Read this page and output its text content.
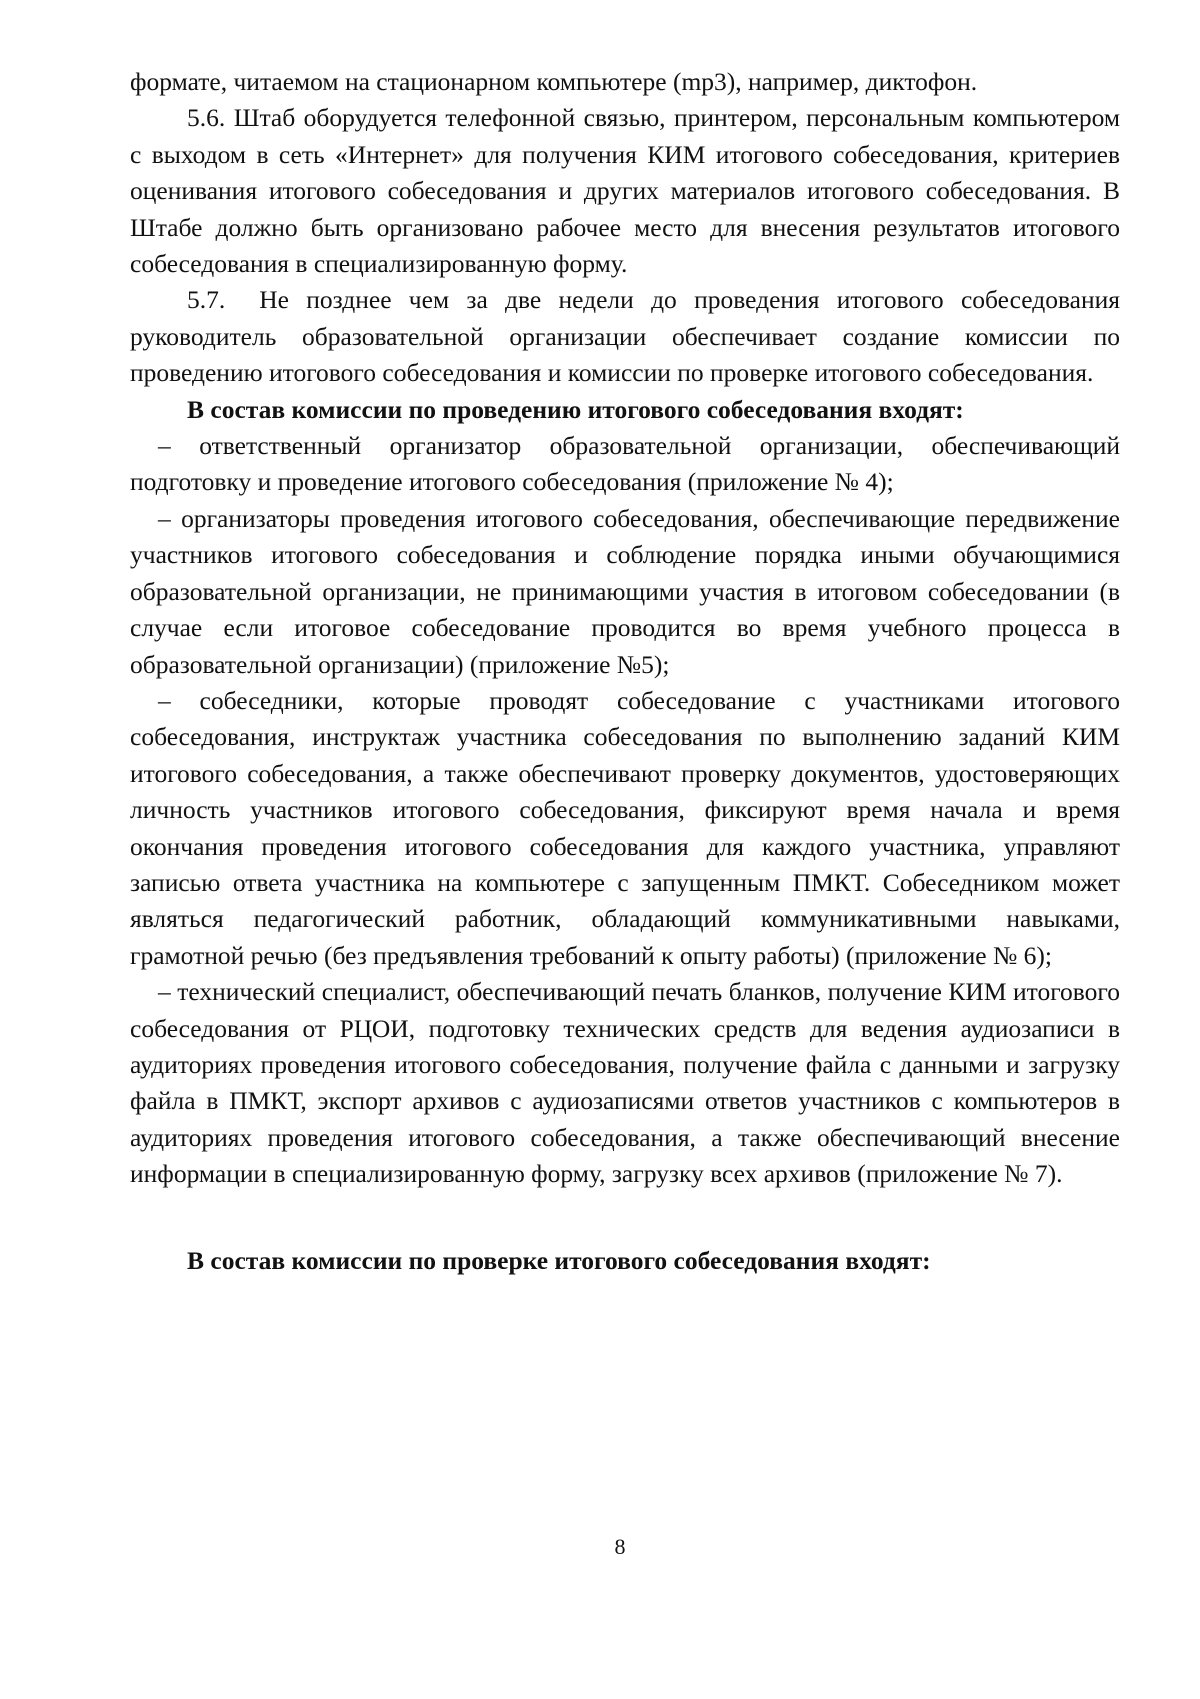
формате, читаемом на стационарном компьютере (mp3), например, диктофон.

5.6. Штаб оборудуется телефонной связью, принтером, персональным компьютером с выходом в сеть «Интернет» для получения КИМ итогового собеседования, критериев оценивания итогового собеседования и других материалов итогового собеседования. В Штабе должно быть организовано рабочее место для внесения результатов итогового собеседования в специализированную форму.

5.7. Не позднее чем за две недели до проведения итогового собеседования руководитель образовательной организации обеспечивает создание комиссии по проведению итогового собеседования и комиссии по проверке итогового собеседования.

В состав комиссии по проведению итогового собеседования входят:

– ответственный организатор образовательной организации, обеспечивающий подготовку и проведение итогового собеседования (приложение № 4);

– организаторы проведения итогового собеседования, обеспечивающие передвижение участников итогового собеседования и соблюдение порядка иными обучающимися образовательной организации, не принимающими участия в итоговом собеседовании (в случае если итоговое собеседование проводится во время учебного процесса в образовательной организации) (приложение №5);

– собеседники, которые проводят собеседование с участниками итогового собеседования, инструктаж участника собеседования по выполнению заданий КИМ итогового собеседования, а также обеспечивают проверку документов, удостоверяющих личность участников итогового собеседования, фиксируют время начала и время окончания проведения итогового собеседования для каждого участника, управляют записью ответа участника на компьютере с запущенным ПМКТ. Собеседником может являться педагогический работник, обладающий коммуникативными навыками, грамотной речью (без предъявления требований к опыту работы) (приложение № 6);

– технический специалист, обеспечивающий печать бланков, получение КИМ итогового собеседования от РЦОИ, подготовку технических средств для ведения аудиозаписи в аудиториях проведения итогового собеседования, получение файла с данными и загрузку файла в ПМКТ, экспорт архивов с аудиозаписями ответов участников с компьютеров в аудиториях проведения итогового собеседования, а также обеспечивающий внесение информации в специализированную форму, загрузку всех архивов (приложение № 7).

В состав комиссии по проверке итогового собеседования входят:

8
